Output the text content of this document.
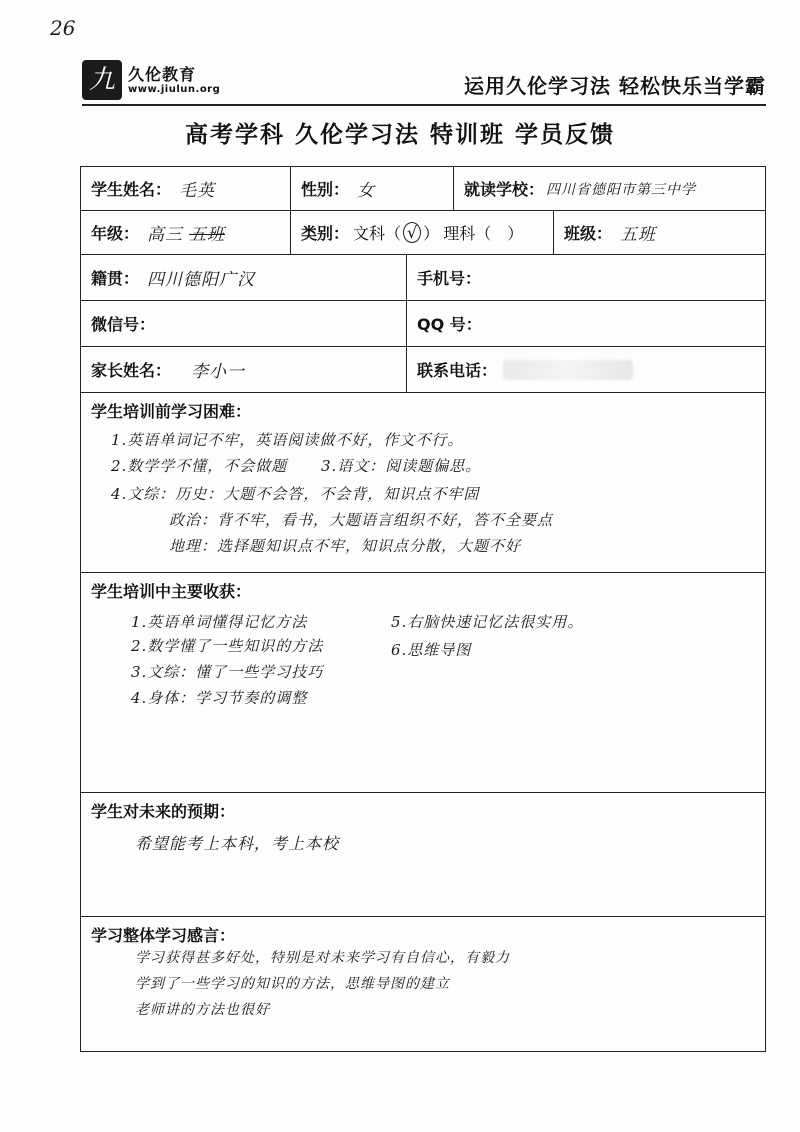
26
九 久伦教育
www.jiulun.org	运用久伦学习法 轻松快乐当学霸
高考学科 久伦学习法 特训班 学员反馈
学生姓名： 毛英	性别： 女	就读学校： 四川省德阳市第三中学
年级： 高三 五班	类别： 文科（ √ ） 理科（　）	班级： 五班
籍贯： 四川德阳广汉	手机号：
微信号：	QQ 号：
家长姓名： 李小一	联系电话：
学生培训前学习困难：
1.英语单词记不牢，英语阅读做不好，作文不行。
2.数学学不懂，不会做题 3.语文：阅读题偏思。
4.文综：历史：大题不会答，不会背，知识点不牢固
政治：背不牢，看书，大题语言组织不好，答不全要点
地理：选择题知识点不牢，知识点分散，大题不好
学生培训中主要收获：
1.英语单词懂得记忆方法
2.数学懂了一些知识的方法
3.文综：懂了一些学习技巧
4.身体：学习节奏的调整
5.右脑快速记忆法很实用。
6.思维导图
学生对未来的预期：
希望能考上本科，考上本校
学习整体学习感言：
学习获得甚多好处，特别是对未来学习有自信心，有毅力
学到了一些学习的知识的方法，思维导图的建立
老师讲的方法也很好
